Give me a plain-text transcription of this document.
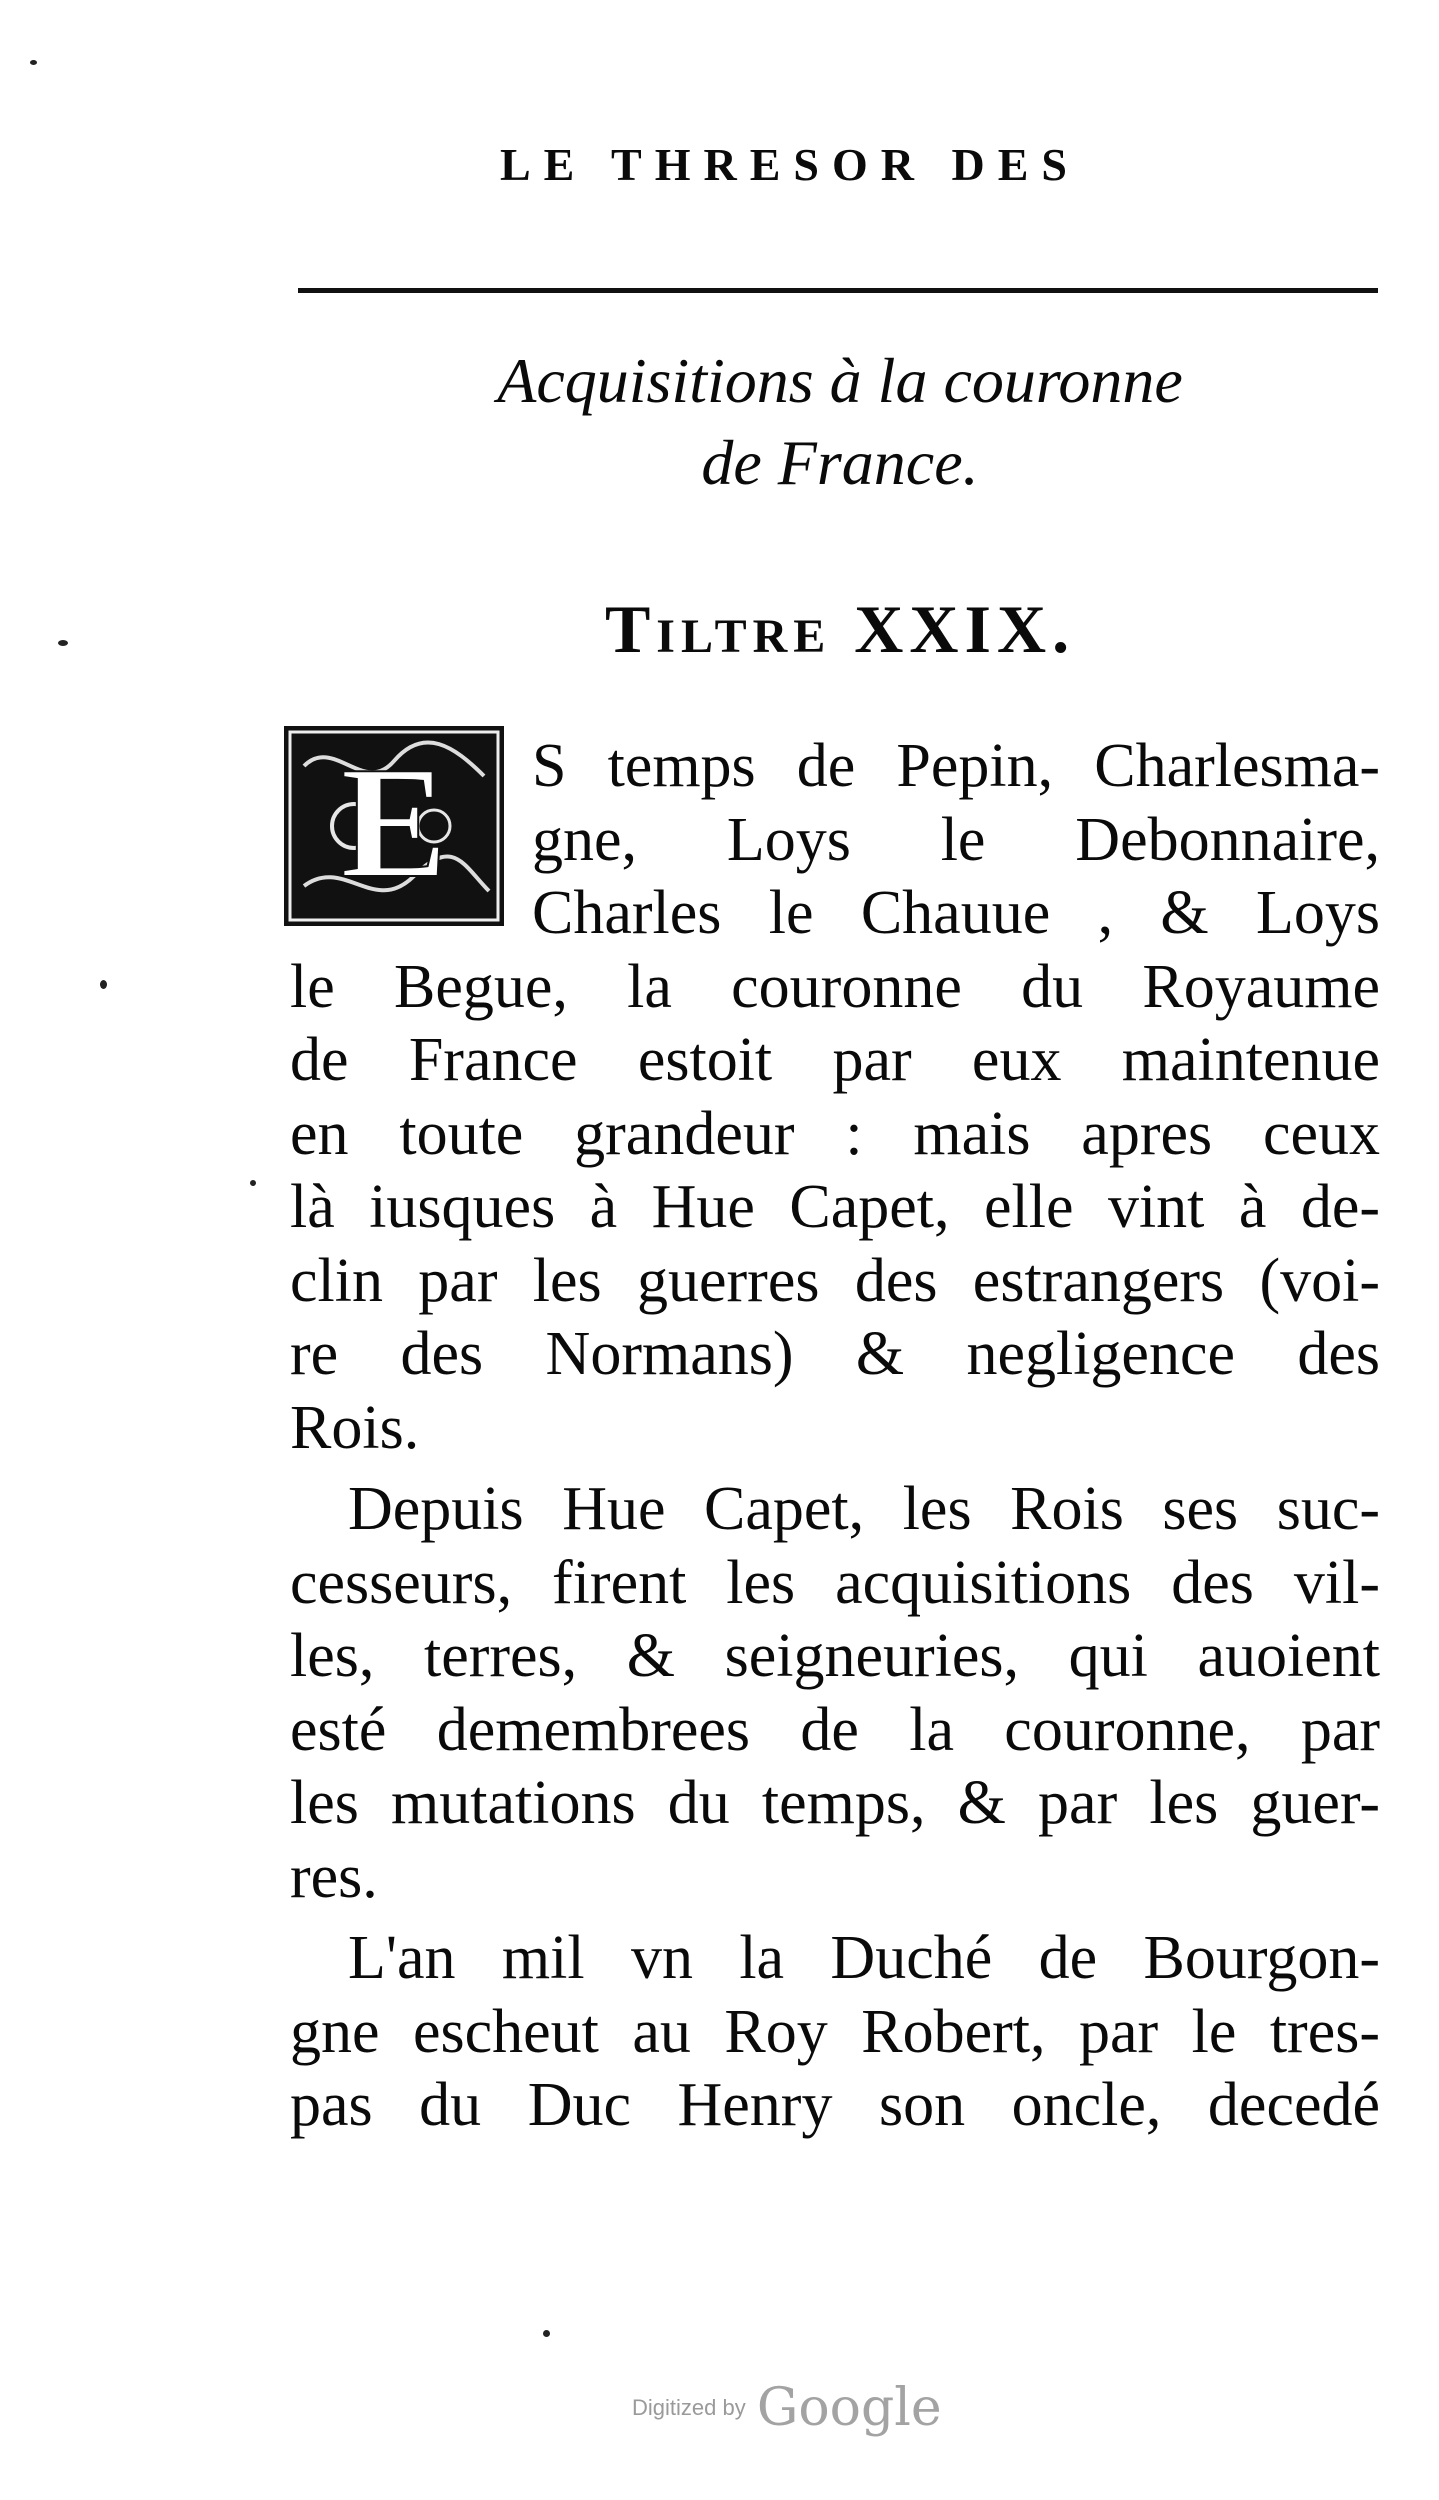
LE THRESOR DES
Acquisitions à la couronne
de France.
Tiltre XXIX.
E	S temps de Pepin, Charlesma-
gne, Loys le Debonnaire,
Charles le Chauue , & Loys
le Begue, la couronne du Royaume
de France estoit par eux maintenue
en toute grandeur : mais apres ceux
là iusques à Hue Capet, elle vint à de-
clin par les guerres des estrangers (voi-
re des Normans) & negligence des
Rois.
Depuis Hue Capet, les Rois ses suc-
cesseurs, firent les acquisitions des vil-
les, terres, & seigneuries, qui auoient
esté demembrees de la couronne, par
les mutations du temps, & par les guer-
res.
L'an mil vn la Duché de Bourgon-
gne escheut au Roy Robert, par le tres-
pas du Duc Henry son oncle, decedé
Digitized by Google
